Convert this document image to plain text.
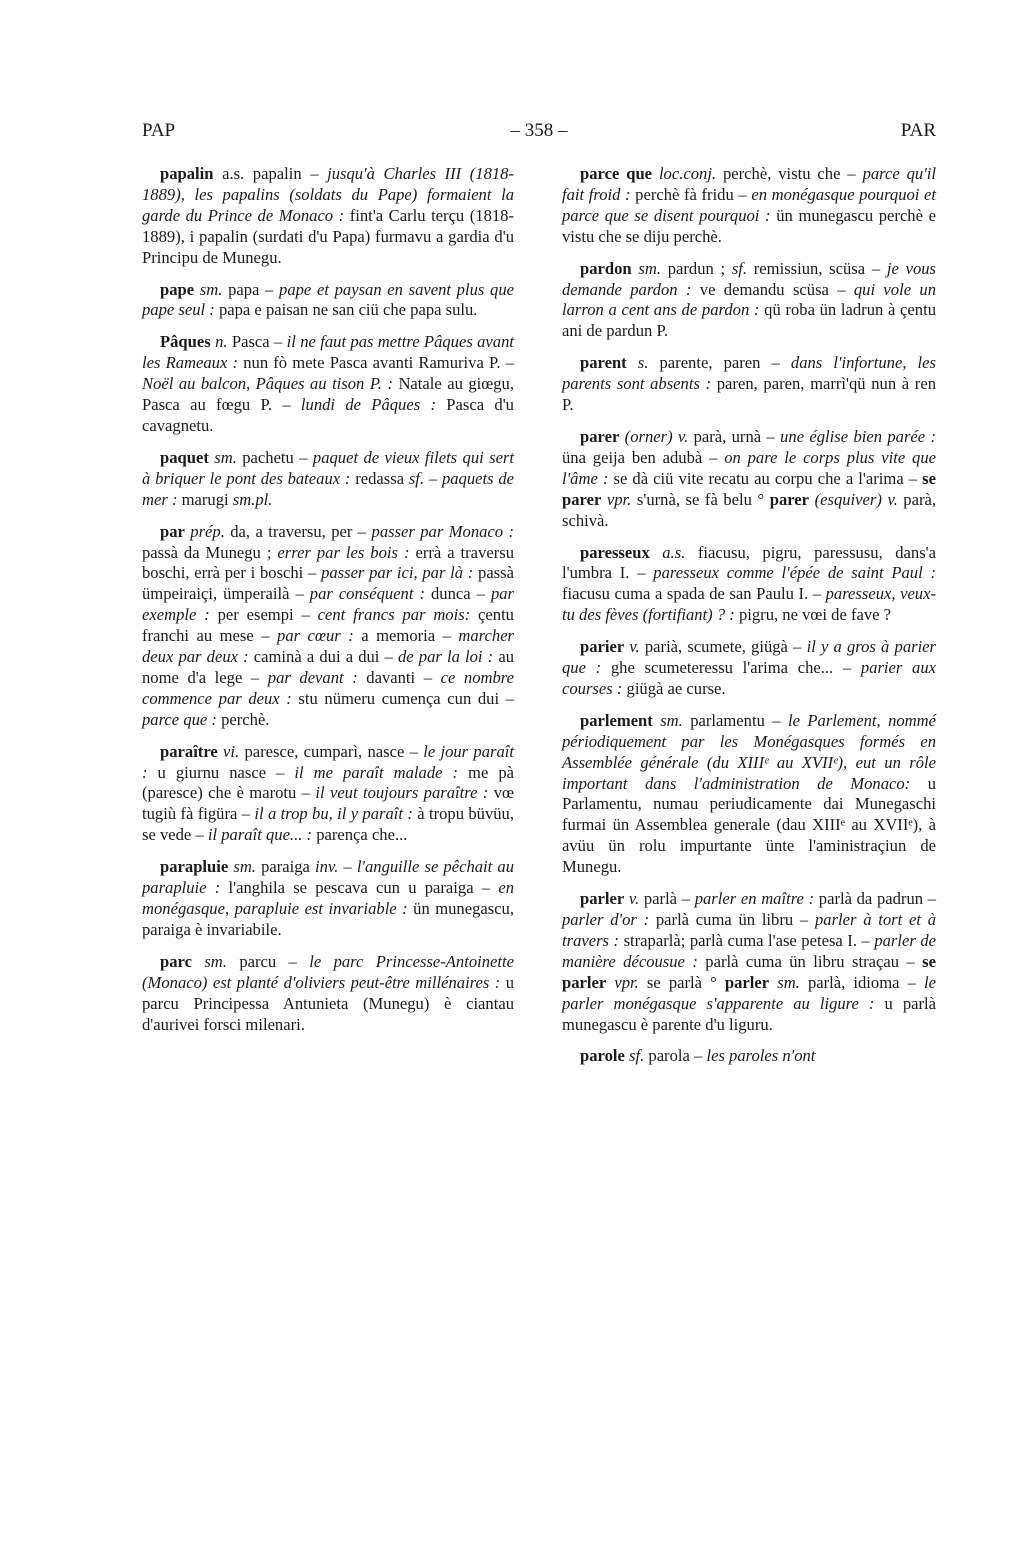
PAP	– 358 –	PAR

papalin a.s. papalin – jusqu'à Charles III (1818-1889), les papalins (soldats du Pape) formaient la garde du Prince de Monaco : fint'a Carlu terçu (1818-1889), i papalin (surdati d'u Papa) furmavu a gardia d'u Principu de Munegu.

pape sm. papa – pape et paysan en savent plus que pape seul : papa e paisan ne san ciü che papa sulu.

Pâques n. Pasca – il ne faut pas mettre Pâques avant les Rameaux : nun fò mete Pasca avanti Ramuriva P. – Noël au balcon, Pâques au tison P. : Natale au giœgu, Pasca au fœgu P. – lundi de Pâques : Pasca d'u cavagnetu.

paquet sm. pachetu – paquet de vieux filets qui sert à briquer le pont des bateaux : redassa sf. – paquets de mer : marugi sm.pl.

par prép. da, a traversu, per – passer par Monaco : passà da Munegu ; errer par les bois : errà a traversu boschi, errà per i boschi – passer par ici, par là : passà ümpeiraiçi, ümperailà – par conséquent : dunca – par exemple : per esempi – cent francs par mois: çentu franchi au mese – par cœur : a memoria – marcher deux par deux : caminà a dui a dui – de par la loi : au nome d'a lege – par devant : davanti – ce nombre commence par deux : stu nümeru cumença cun dui – parce que : perchè.

paraître vi. paresce, cumparì, nasce – le jour paraît : u giurnu nasce – il me paraît malade : me pà (paresce) che è marotu – il veut toujours paraître : vœ tugiù fà figüra – il a trop bu, il y paraît : à tropu büvüu, se vede – il paraît que... : parença che...

parapluie sm. paraiga inv. – l'anguille se pêchait au parapluie : l'anghila se pescava cun u paraiga – en monégasque, parapluie est invariable : ün munegascu, paraiga è invariabile.

parc sm. parcu – le parc Princesse-Antoinette (Monaco) est planté d'oliviers peut-être millénaires : u parcu Principessa Antunieta (Munegu) è ciantau d'aurivei forsci milenari.

parce que loc.conj. perchè, vistu che – parce qu'il fait froid : perchè fà fridu – en monégasque pourquoi et parce que se disent pourquoi : ün munegascu perchè e vistu che se diju perchè.

pardon sm. pardun ; sf. remissiun, scüsa – je vous demande pardon : ve demandu scüsa – qui vole un larron a cent ans de pardon : qü roba ün ladrun à çentu ani de pardun P.

parent s. parente, paren – dans l'infortune, les parents sont absents : paren, paren, marrì'qü nun à ren P.

parer (orner) v. parà, urnà – une église bien parée : üna geija ben adubà – on pare le corps plus vite que l'âme : se dà ciü vite recatu au corpu che a l'arima – se parer vpr. s'urnà, se fà belu ° parer (esquiver) v. parà, schivà.

paresseux a.s. fiacusu, pigru, paressusu, dans'a l'umbra I. – paresseux comme l'épée de saint Paul : fiacusu cuma a spada de san Paulu I. – paresseux, veux-tu des fèves (fortifiant) ? : pigru, ne vœi de fave ?

parier v. parià, scumete, giügà – il y a gros à parier que : ghe scumeteressu l'arima che... – parier aux courses : giügà ae curse.

parlement sm. parlamentu – le Parlement, nommé périodiquement par les Monégasques formés en Assemblée générale (du XIIIᵉ au XVIIᵉ), eut un rôle important dans l'administration de Monaco: u Parlamentu, numau periudicamente dai Munegaschi furmai ün Assemblea generale (dau XIIIᵉ au XVIIᵉ), à avüu ün rolu impurtante ünte l'aministraçiun de Munegu.

parler v. parlà – parler en maître : parlà da padrun – parler d'or : parlà cuma ün libru – parler à tort et à travers : straparlà; parlà cuma l'ase petesa I. – parler de manière décousue : parlà cuma ün libru straçau – se parler vpr. se parlà ° parler sm. parlà, idioma – le parler monégasque s'apparente au ligure : u parlà munegascu è parente d'u liguru.

parole sf. parola – les paroles n'ont
